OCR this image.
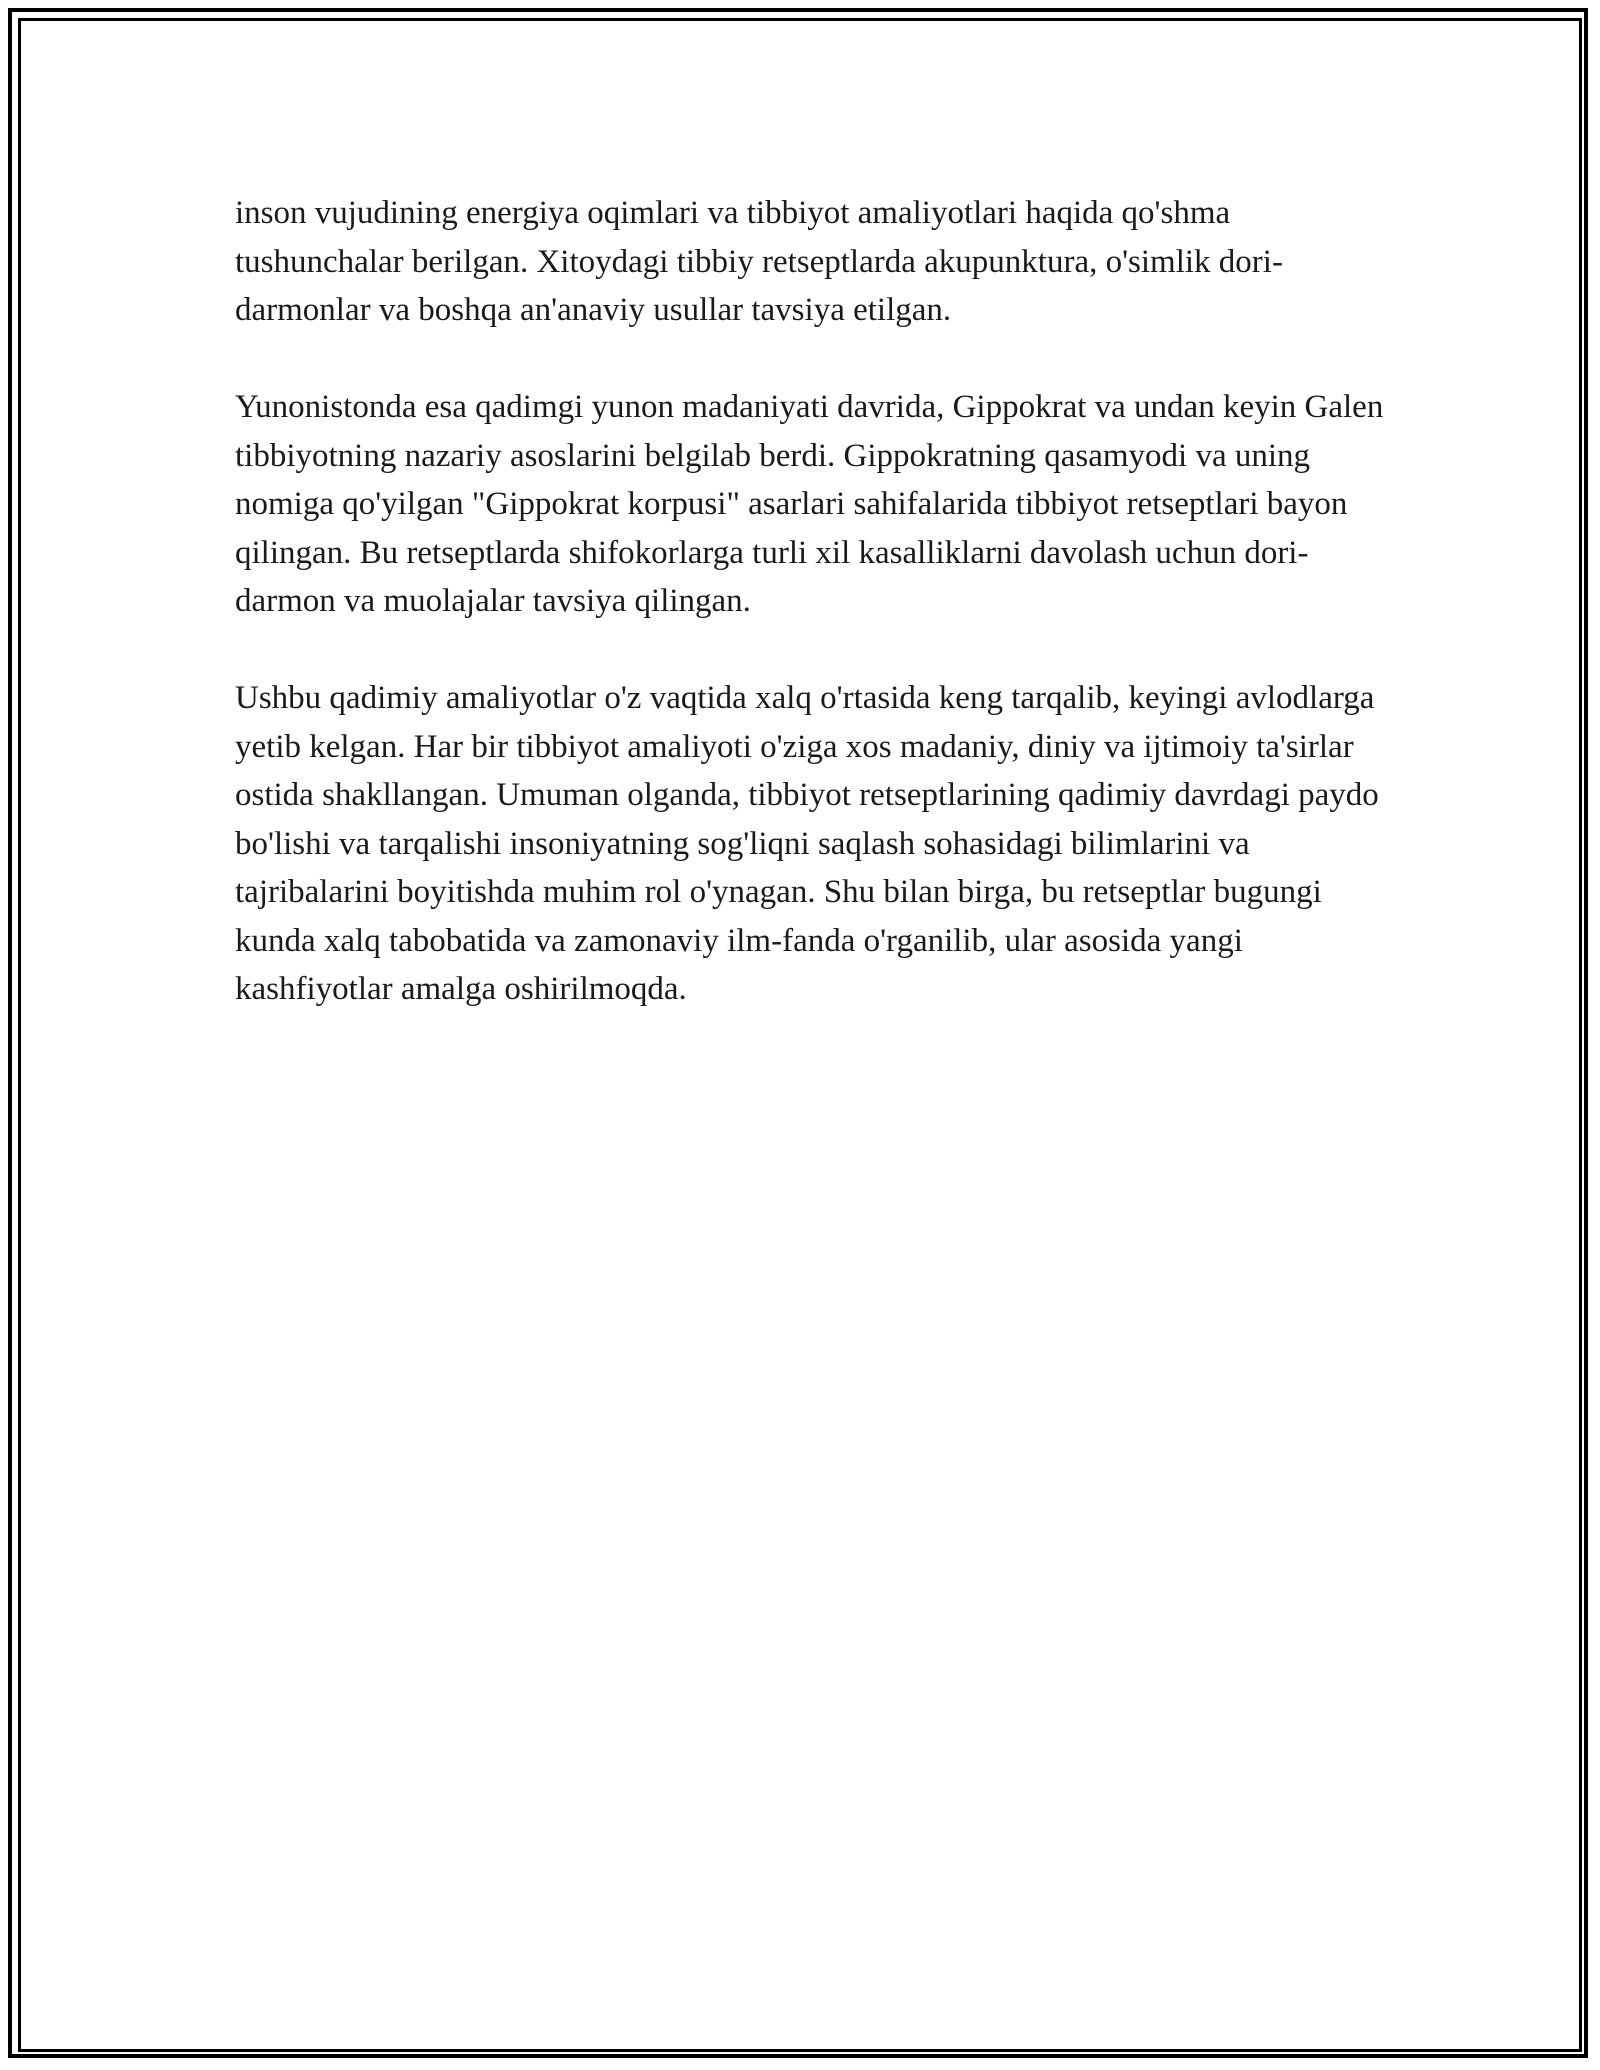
inson vujudining energiya oqimlari va tibbiyot amaliyotlari haqida qo'shma tushunchalar berilgan. Xitoydagi tibbiy retseptlarda akupunktura, o'simlik dori-darmonlar va boshqa an'anaviy usullar tavsiya etilgan.

Yunonistonda esa qadimgi yunon madaniyati davrida, Gippokrat va undan keyin Galen tibbiyotning nazariy asoslarini belgilab berdi. Gippokratning qasamyodi va uning nomiga qo'yilgan "Gippokrat korpusi" asarlari sahifalarida tibbiyot retseptlari bayon qilingan. Bu retseptlarda shifokorlarga turli xil kasalliklarni davolash uchun dori-darmon va muolajalar tavsiya qilingan.

Ushbu qadimiy amaliyotlar o'z vaqtida xalq o'rtasida keng tarqalib, keyingi avlodlarga yetib kelgan. Har bir tibbiyot amaliyoti o'ziga xos madaniy, diniy va ijtimoiy ta'sirlar ostida shakllangan. Umuman olganda, tibbiyot retseptlarining qadimiy davrdagi paydo bo'lishi va tarqalishi insoniyatning sog'liqni saqlash sohasidagi bilimlarini va tajribalarini boyitishda muhim rol o'ynagan. Shu bilan birga, bu retseptlar bugungi kunda xalq tabobatida va zamonaviy ilm-fanda o'rganilib, ular asosida yangi kashfiyotlar amalga oshirilmoqda.
